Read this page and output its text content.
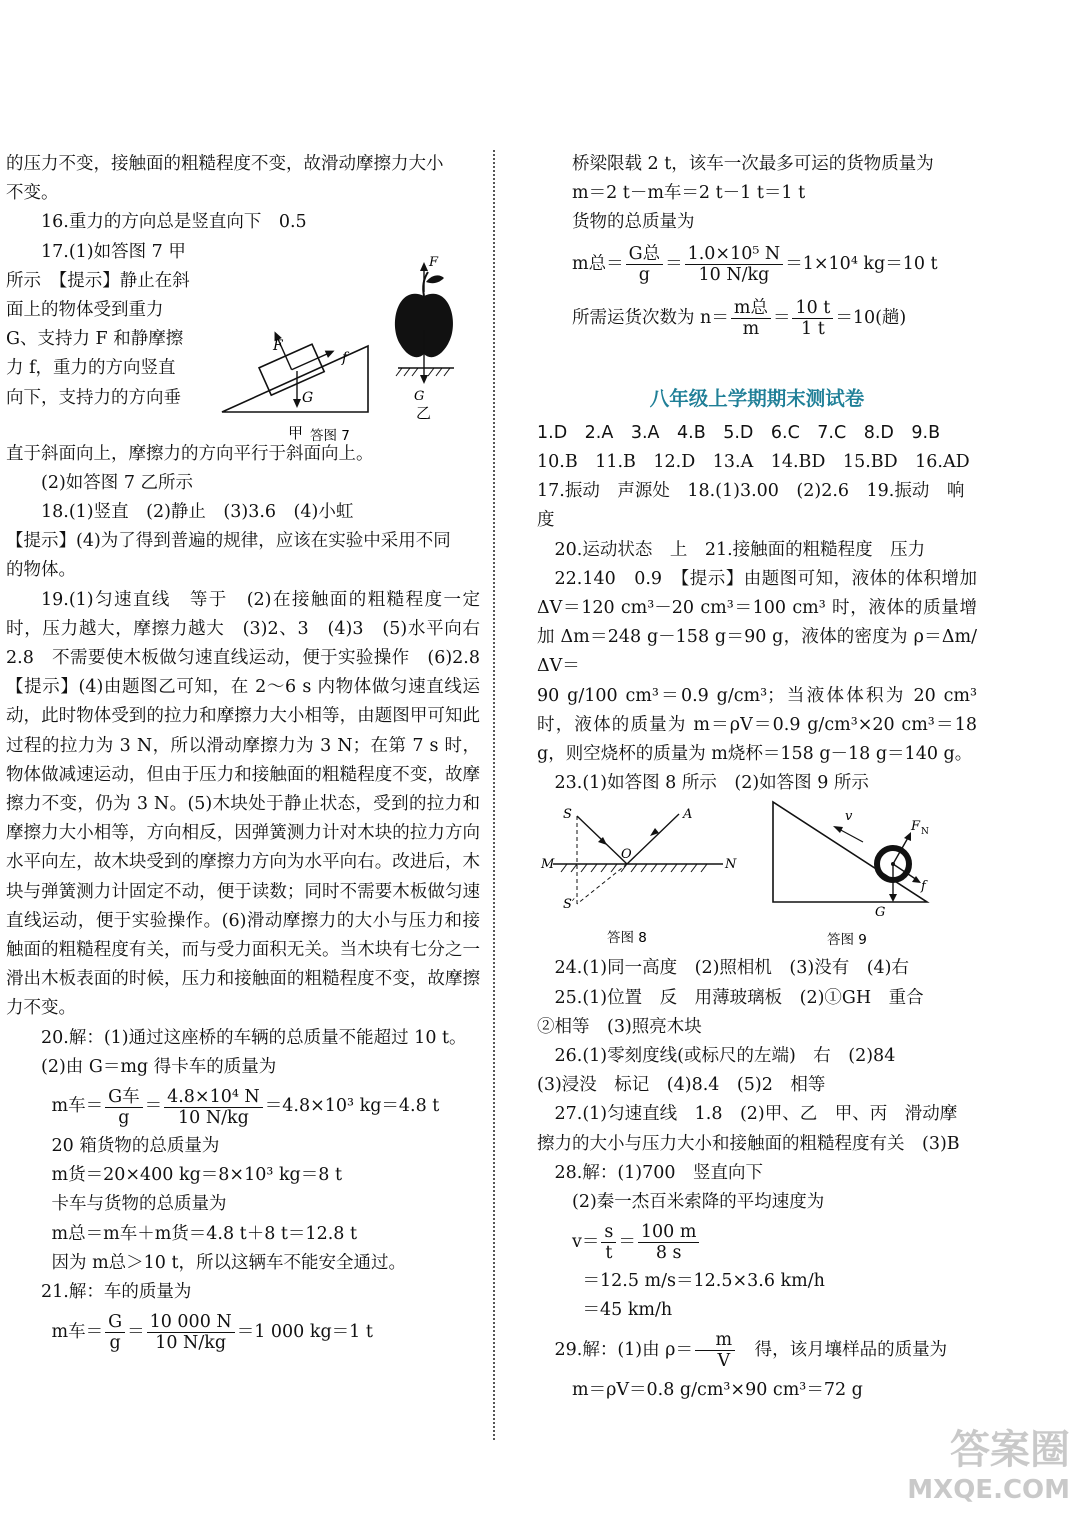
的压力不变，接触面的粗糙程度不变，故滑动摩擦力大小

不变。

16.重力的方向总是竖直向下　0.5

17.(1)如答图 7 甲

所示　【提示】静止在斜

面上的物体受到重力

G、支持力 F 和静摩擦

力 f，重力的方向竖直

向下，支持力的方向垂

F
f
G
甲
F
G
乙
答图 7

直于斜面向上，摩擦力的方向平行于斜面向上。

(2)如答图 7 乙所示

18.(1)竖直　(2)静止　(3)3.6　(4)小虹

【提示】(4)为了得到普遍的规律，应该在实验中采用不同

的物体。

19.(1)匀速直线　等于　(2)在接触面的粗糙程度一定时，压力越大，摩擦力越大　(3)2、3　(4)3　(5)水平向右　2.8　不需要使木板做匀速直线运动，便于实验操作　(6)2.8　【提示】(4)由题图乙可知，在 2～6 s 内物体做匀速直线运动，此时物体受到的拉力和摩擦力大小相等，由题图甲可知此过程的拉力为 3 N，所以滑动摩擦力为 3 N；在第 7 s 时，物体做减速运动，但由于压力和接触面的粗糙程度不变，故摩擦力不变，仍为 3 N。(5)木块处于静止状态，受到的拉力和摩擦力大小相等，方向相反，因弹簧测力计对木块的拉力方向水平向左，故木块受到的摩擦力方向为水平向右。改进后，木块与弹簧测力计固定不动，便于读数；同时不需要木板做匀速直线运动，便于实验操作。(6)滑动摩擦力的大小与压力和接触面的粗糙程度有关，而与受力面积无关。当木块有七分之一滑出木板表面的时候，压力和接触面的粗糙程度不变，故摩擦力不变。

20.解：(1)通过这座桥的车辆的总质量不能超过 10 t。

(2)由 G＝mg 得卡车的质量为

m车＝ $\frac{\text{G车}}{g} = \frac{\text{4.8×10⁴ N}}{10 N/kg} =4.8\times 10^3$ kg＝4.8 t

20 箱货物的总质量为

m货＝20×400 kg＝8×10³ kg＝8 t

卡车与货物的总质量为

m总＝m车＋m货＝4.8 t＋8 t＝12.8 t

因为 m总＞10 t，所以这辆车不能安全通过。

21.解：车的质量为

m车＝ $\frac{G}{g} = \frac{10 000 N}{10 N/kg} =1$ 000 kg＝1 t

桥梁限载 2 t，该车一次最多可运的货物质量为

m＝2 t－m车＝2 t－1 t＝1 t

货物的总质量为

m总＝ $\frac{\text{G总}}{g} = \frac{\text{1.0×10⁵ N}}{10 N/kg} =1\times 10^4$ kg＝10 t
所需运货次数为 $n= \frac{\text{m总}}{m} = \frac{10 t}{1 t} =10$(趟)
八年级上学期期末测试卷

1.D　2.A　3.A　4.B　5.D　6.C　7.C　8.D　9.B

10.B　11.B　12.D　13.A　14.BD　15.BD　16.AD

17.振动　声源处　18.(1)3.00　(2)2.6　19.振动　响度

20.运动状态　上　21.接触面的粗糙程度　压力

22.140　0.9　【提示】由题图可知，液体的体积增加 ΔV＝120 cm³－20 cm³＝100 cm³ 时，液体的质量增加 Δm＝248 g－158 g＝90 g，液体的密度为 ρ＝Δm/ΔV＝

90 g/100 cm³＝0.9 g/cm³；当液体体积为 20 cm³ 时，液体的质量为 m＝ρV＝0.9 g/cm³×20 cm³＝18 g，则空烧杯的质量为 m烧杯＝158 g－18 g＝140 g。

23.(1)如答图 8 所示　(2)如答图 9 所示

S	A
O
M	N
S′
答图 8
v
F N
f
G
答图 9

24.(1)同一高度　(2)照相机　(3)没有　(4)右

25.(1)位置　反　用薄玻璃板　(2)①GH　重合

②相等　(3)照亮木块

26.(1)零刻度线(或标尺的左端)　右　(2)84

(3)浸没　标记　(4)8.4　(5)2　相等

27.(1)匀速直线　1.8　(2)甲、乙　甲、丙　滑动摩

擦力的大小与压力大小和接触面的粗糙程度有关　(3)B

28.解：(1)700　竖直向下

(2)秦一杰百米索降的平均速度为

$v= \frac{s}{t} = \frac{100 m}{8 s}$

＝12.5 m/s＝12.5×3.6 km/h

＝45 km/h

29.解：(1)由 $\rho= \frac{m}{V}$	得，该月壤样品的质量为

m＝ρV＝0.8 g/cm³×90 cm³＝72 g

答案圈
MXQE.COM
